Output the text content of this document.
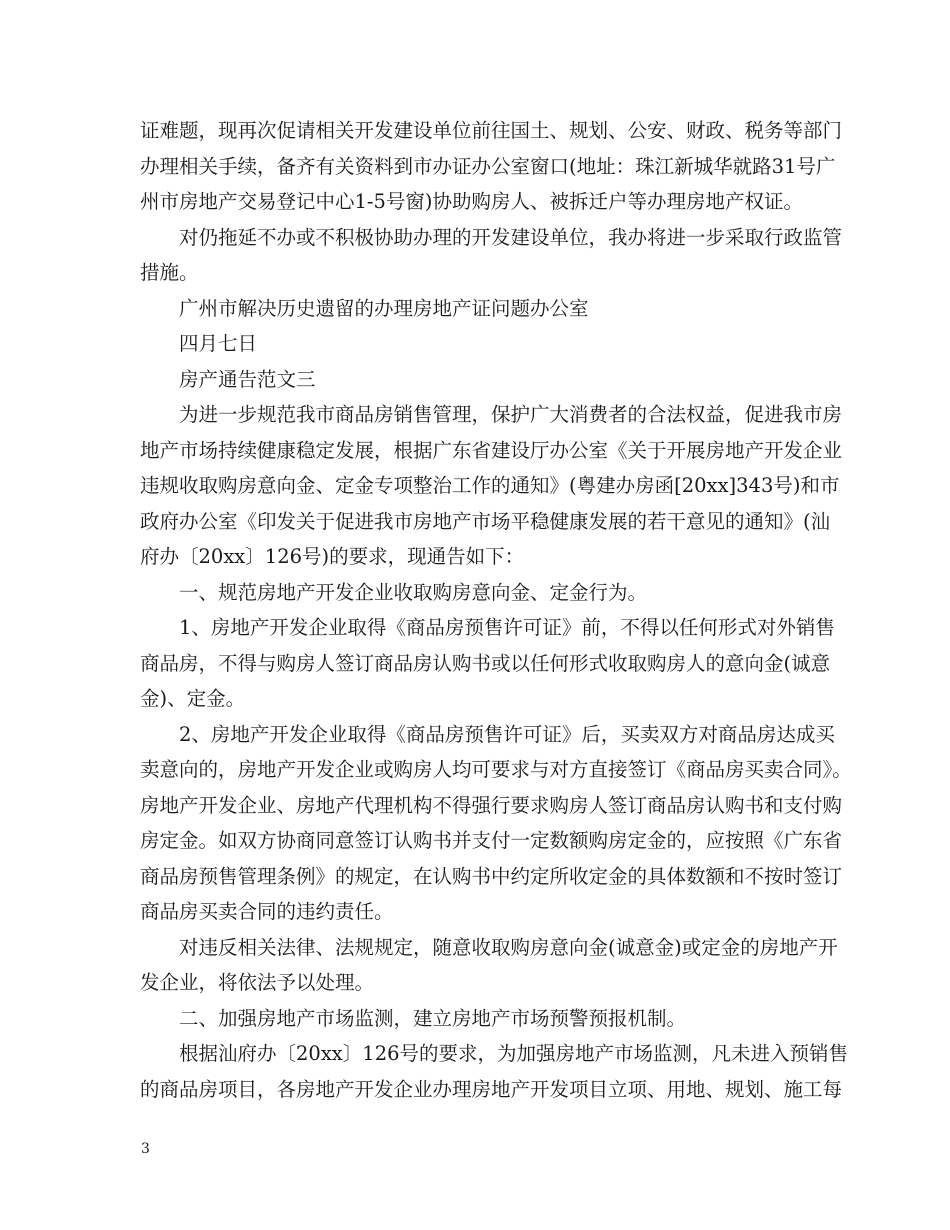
证难题，现再次促请相关开发建设单位前往国土、规划、公安、财政、税务等部门
办理相关手续，备齐有关资料到市办证办公室窗口(地址：珠江新城华就路31号广
州市房地产交易登记中心1-5号窗)协助购房人、被拆迁户等办理房地产权证。
对仍拖延不办或不积极协助办理的开发建设单位，我办将进一步采取行政监管
措施。
广州市解决历史遗留的办理房地产证问题办公室
四月七日
房产通告范文三
为进一步规范我市商品房销售管理，保护广大消费者的合法权益，促进我市房
地产市场持续健康稳定发展，根据广东省建设厅办公室《关于开展房地产开发企业
违规收取购房意向金、定金专项整治工作的通知》(粤建办房函[20xx]343号)和市
政府办公室《印发关于促进我市房地产市场平稳健康发展的若干意见的通知》(汕
府办〔20xx〕126号)的要求，现通告如下：
一、规范房地产开发企业收取购房意向金、定金行为。
1、房地产开发企业取得《商品房预售许可证》前，不得以任何形式对外销售
商品房，不得与购房人签订商品房认购书或以任何形式收取购房人的意向金(诚意
金)、定金。
2、房地产开发企业取得《商品房预售许可证》后，买卖双方对商品房达成买
卖意向的，房地产开发企业或购房人均可要求与对方直接签订《商品房买卖合同》。
房地产开发企业、房地产代理机构不得强行要求购房人签订商品房认购书和支付购
房定金。如双方协商同意签订认购书并支付一定数额购房定金的，应按照《广东省
商品房预售管理条例》的规定，在认购书中约定所收定金的具体数额和不按时签订
商品房买卖合同的违约责任。
对违反相关法律、法规规定，随意收取购房意向金(诚意金)或定金的房地产开
发企业，将依法予以处理。
二、加强房地产市场监测，建立房地产市场预警预报机制。
根据汕府办〔20xx〕126号的要求，为加强房地产市场监测，凡未进入预销售
的商品房项目，各房地产开发企业办理房地产开发项目立项、用地、规划、施工每
3
